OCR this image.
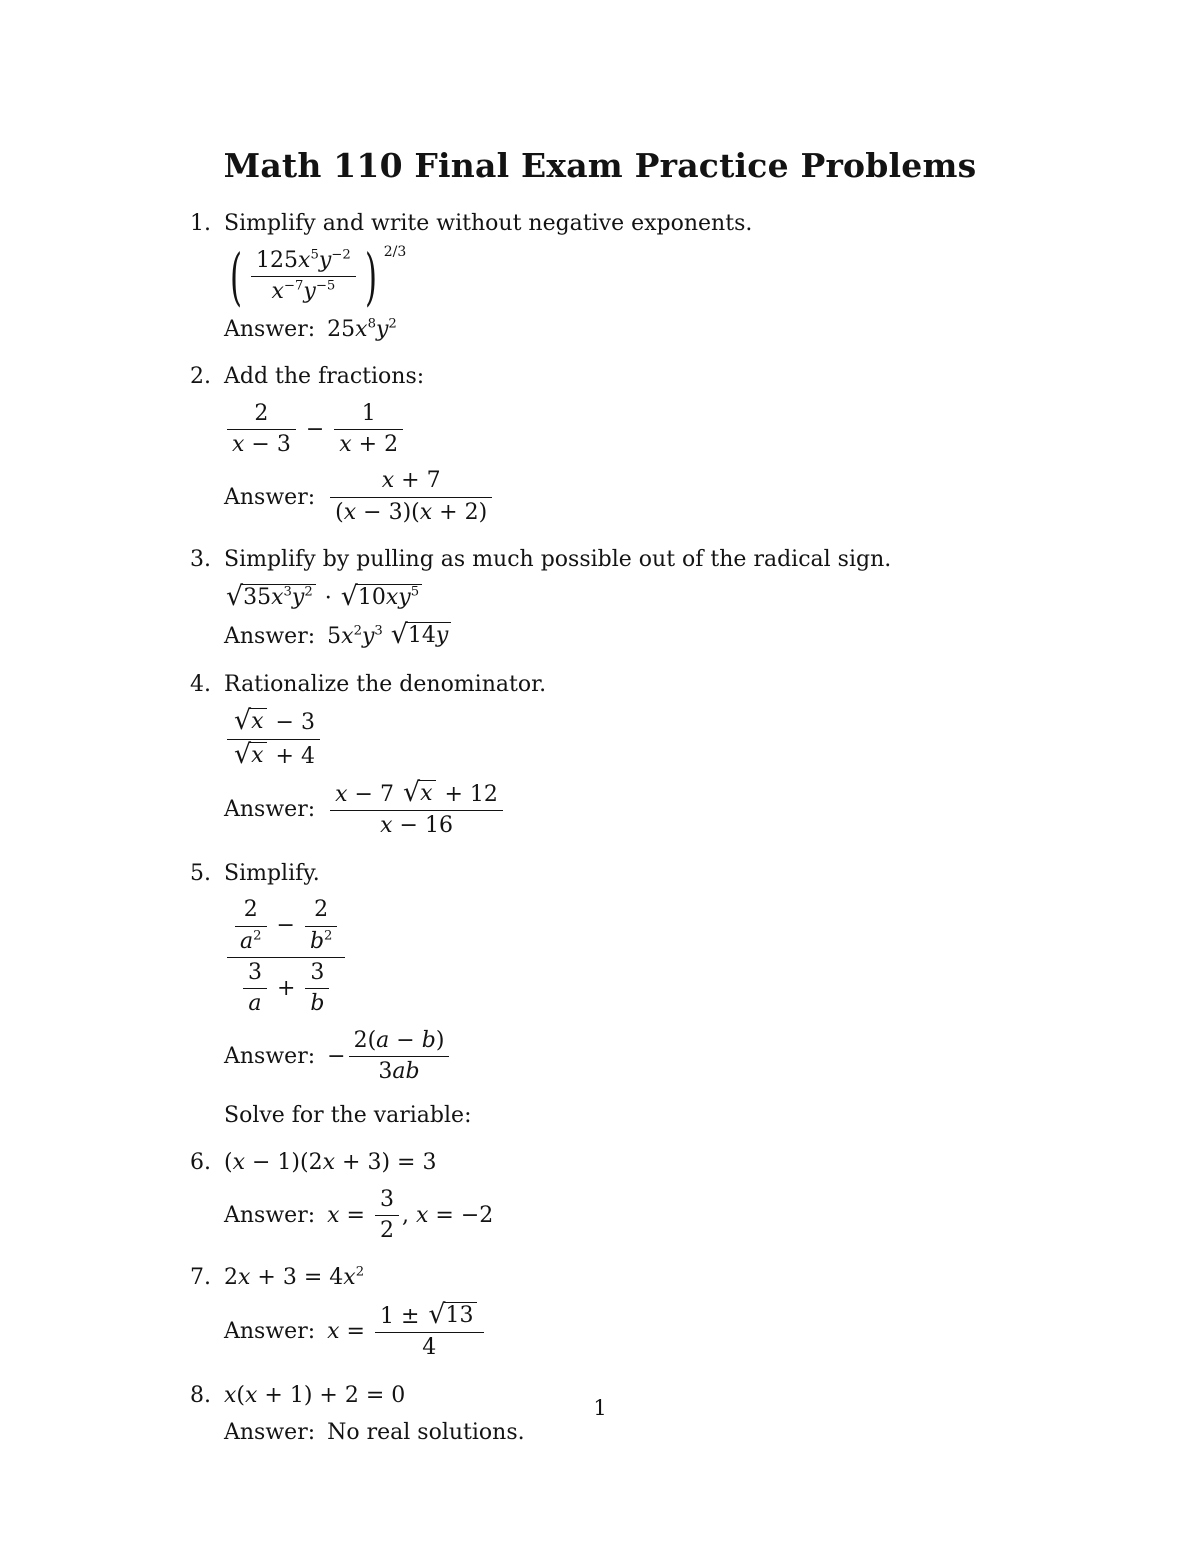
Math 110 Final Exam Practice Problems
1. Simplify and write without negative exponents.
( $\frac{125x^5y^{-2}}{x^{-7}y^{-5}}$ ) 2/3
Answer: $25x^8y^2$
2. Add the fractions:
$\frac{2}{x - 3} - \frac{1}{x + 2}$
Answer: $\frac{x + 7}{(x - 3)(x + 2)}$
3. Simplify by pulling as much possible out of the radical sign.
√ $35x^3y^2$ · √ $10xy^5$
Answer: $5x^2y^3$ √ 14y
4. Rationalize the denominator.
$\frac{√ x - 3}{√ x + 4}$
Answer: $\frac{x - 7 √ x + 12}{x - 16}$
5. Simplify.
$\frac{\frac{2}{a^2} - \frac{2}{b^2}}{\frac{3}{a} + \frac{3}{b}}$
Answer: − $\frac{2(a - b)}{3ab}$
Solve for the variable:
6. (x − 1)(2x + 3) = 3
Answer: $x = \frac{3}{2}$ , x = −2
7. $2x + 3 = 4x^2$
Answer: $x = \frac{1 \pm √ 13}{4}$
8. x(x + 1) + 2 = 0
Answer: No real solutions.
1
